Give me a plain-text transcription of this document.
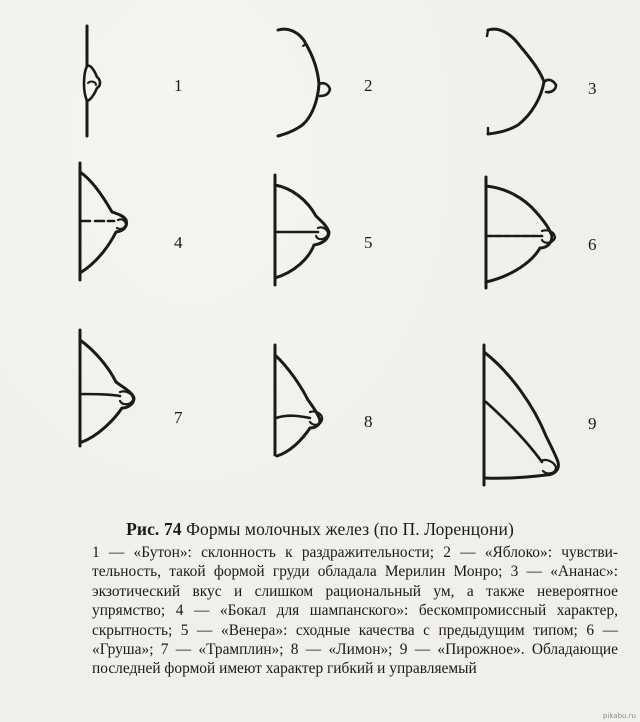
1	2	3
4	5	6
7	8	9
Рис. 74 Формы молочных желез (по П. Лоренцони)
1 — «Бутон»: склонность к раздражительности; 2 — «Яблоко»: чувстви-
тельность, такой формой груди обладала Мерилин Монро; 3 — «Ананас»:
экзотический вкус и слишком рациональный ум, а также невероятное
упрямство; 4 — «Бокал для шампанского»: бескомпромиссный характер,
скрытность; 5 — «Венера»: сходные качества с предыдущим типом; 6 —
«Груша»; 7 — «Трамплин»; 8 — «Лимон»; 9 — «Пирожное». Обладающие
последней формой имеют характер гибкий и управляемый
pikabu.ru
